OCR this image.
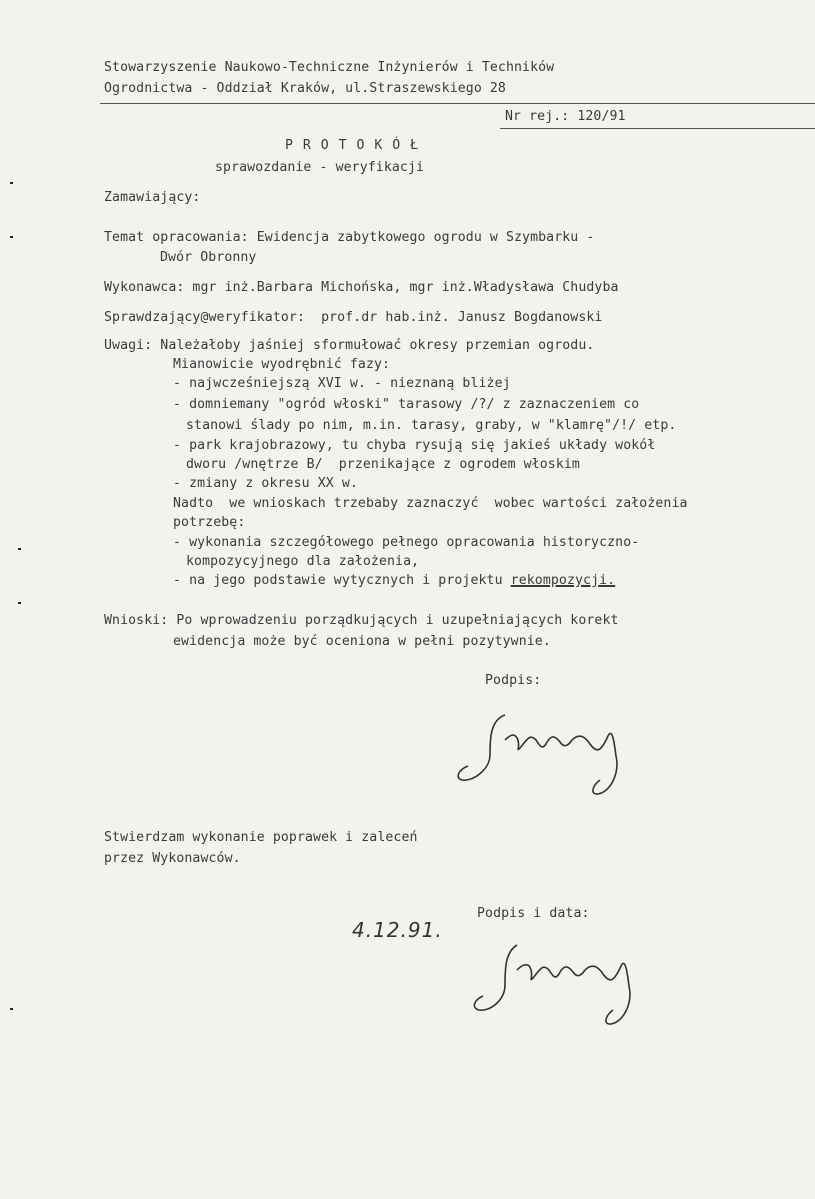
Stowarzyszenie Naukowo-Techniczne Inżynierów i Techników
Ogrodnictwa - Oddział Kraków, ul.Straszewskiego 28
Nr rej.: 120/91
P R O T O K Ó Ł
sprawozdanie - weryfikacji
Zamawiający:
Temat opracowania: Ewidencja zabytkowego ogrodu w Szymbarku -
Dwór Obronny
Wykonawca: mgr inż.Barbara Michońska, mgr inż.Władysława Chudyba
Sprawdzający@weryfikator:  prof.dr hab.inż. Janusz Bogdanowski
Uwagi: Należałoby jaśniej sformułować okresy przemian ogrodu.
Mianowicie wyodrębnić fazy:
- najwcześniejszą XVI w. - nieznaną bliżej
- domniemany "ogród włoski" tarasowy /?/ z zaznaczeniem co
stanowi ślady po nim, m.in. tarasy, graby, w "klamrę"/!/ etp.
- park krajobrazowy, tu chyba rysują się jakieś układy wokół
dworu /wnętrze B/  przenikające z ogrodem włoskim
- zmiany z okresu XX w.
Nadto  we wnioskach trzebaby zaznaczyć  wobec wartości założenia
potrzebę:
- wykonania szczegółowego pełnego opracowania historyczno-
kompozycyjnego dla założenia,
- na jego podstawie wytycznych i projektu rekompozycji.
Wnioski: Po wprowadzeniu porządkujących i uzupełniających korekt
ewidencja może być oceniona w pełni pozytywnie.
Podpis:
Stwierdzam wykonanie poprawek i zaleceń
przez Wykonawców.
4.12.91.
Podpis i data:
